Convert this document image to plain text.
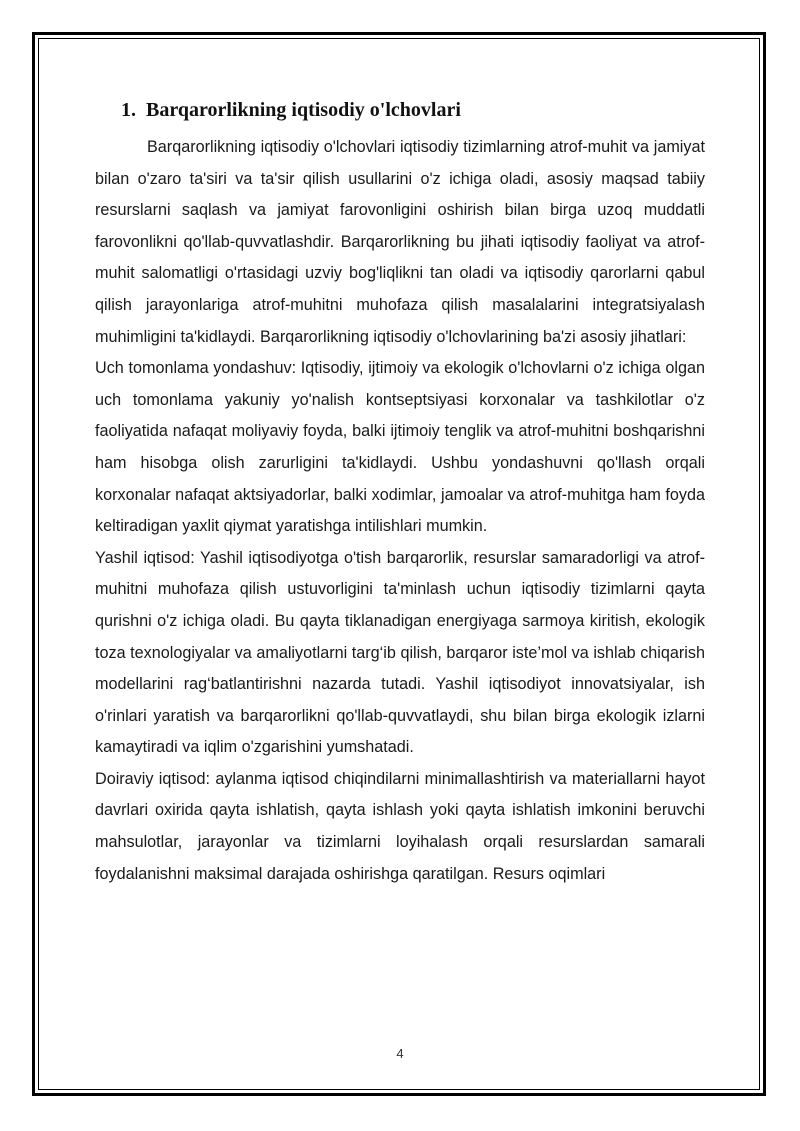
1. Barqarorlikning iqtisodiy o'lchovlari

Barqarorlikning iqtisodiy o'lchovlari iqtisodiy tizimlarning atrof-muhit va jamiyat bilan o'zaro ta'siri va ta'sir qilish usullarini o'z ichiga oladi, asosiy maqsad tabiiy resurslarni saqlash va jamiyat farovonligini oshirish bilan birga uzoq muddatli farovonlikni qo'llab-quvvatlashdir. Barqarorlikning bu jihati iqtisodiy faoliyat va atrof-muhit salomatligi o'rtasidagi uzviy bog'liqlikni tan oladi va iqtisodiy qarorlarni qabul qilish jarayonlariga atrof-muhitni muhofaza qilish masalalarini integratsiyalash muhimligini ta'kidlaydi. Barqarorlikning iqtisodiy o'lchovlarining ba'zi asosiy jihatlari:

Uch tomonlama yondashuv: Iqtisodiy, ijtimoiy va ekologik o'lchovlarni o'z ichiga olgan uch tomonlama yakuniy yo'nalish kontseptsiyasi korxonalar va tashkilotlar o'z faoliyatida nafaqat moliyaviy foyda, balki ijtimoiy tenglik va atrof-muhitni boshqarishni ham hisobga olish zarurligini ta'kidlaydi. Ushbu yondashuvni qo'llash orqali korxonalar nafaqat aktsiyadorlar, balki xodimlar, jamoalar va atrof-muhitga ham foyda keltiradigan yaxlit qiymat yaratishga intilishlari mumkin.

Yashil iqtisod: Yashil iqtisodiyotga o'tish barqarorlik, resurslar samaradorligi va atrof-muhitni muhofaza qilish ustuvorligini ta'minlash uchun iqtisodiy tizimlarni qayta qurishni o'z ichiga oladi. Bu qayta tiklanadigan energiyaga sarmoya kiritish, ekologik toza texnologiyalar va amaliyotlarni targ‘ib qilish, barqaror iste’mol va ishlab chiqarish modellarini rag‘batlantirishni nazarda tutadi. Yashil iqtisodiyot innovatsiyalar, ish o'rinlari yaratish va barqarorlikni qo'llab-quvvatlaydi, shu bilan birga ekologik izlarni kamaytiradi va iqlim o'zgarishini yumshatadi.

Doiraviy iqtisod: aylanma iqtisod chiqindilarni minimallashtirish va materiallarni hayot davrlari oxirida qayta ishlatish, qayta ishlash yoki qayta ishlatish imkonini beruvchi mahsulotlar, jarayonlar va tizimlarni loyihalash orqali resurslardan samarali foydalanishni maksimal darajada oshirishga qaratilgan. Resurs oqimlari

4
